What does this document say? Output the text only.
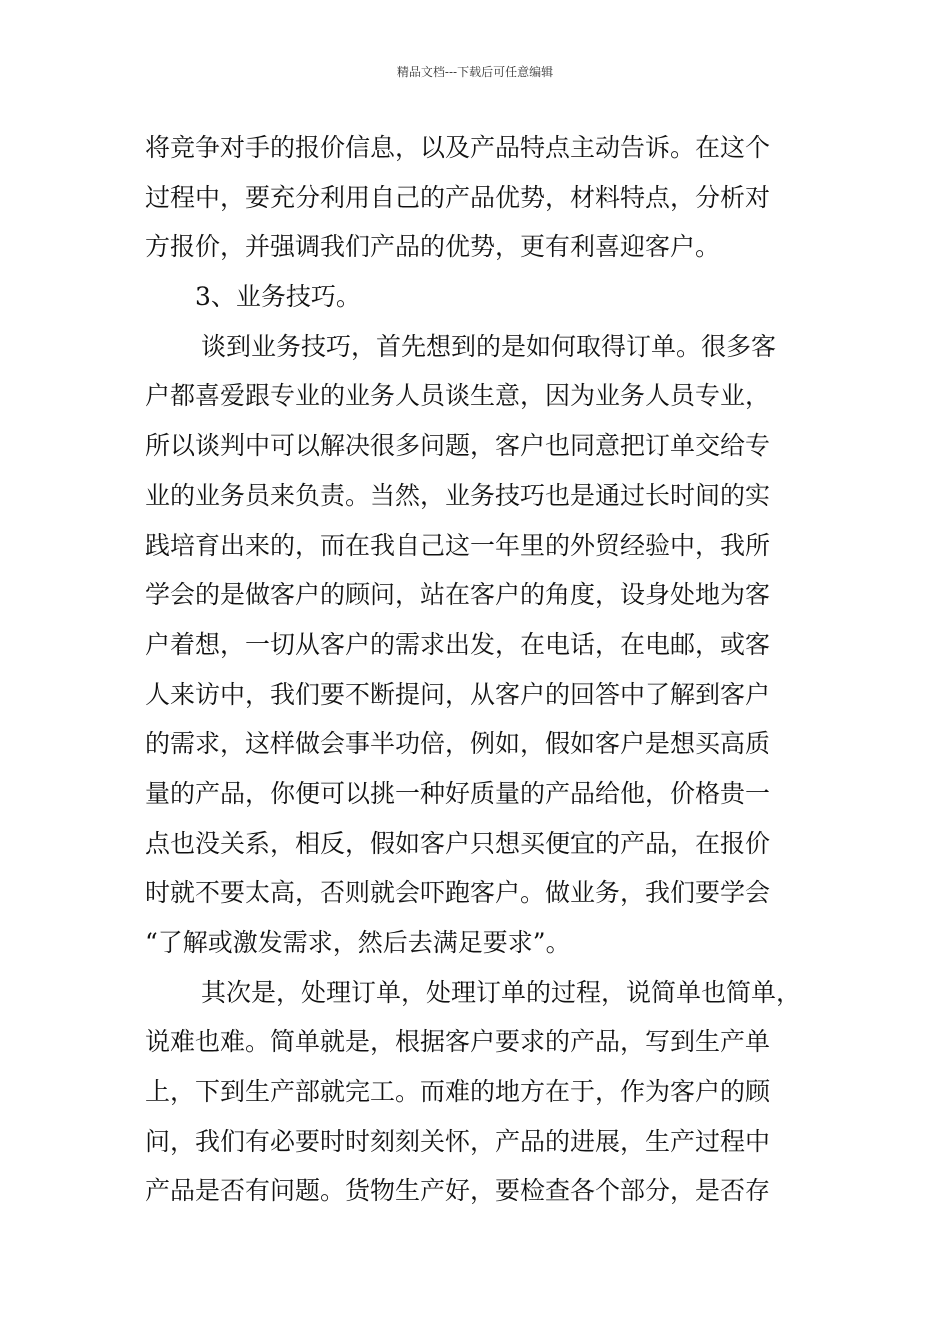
精品文档---下载后可任意编辑
将竞争对手的报价信息，以及产品特点主动告诉。在这个
过程中，要充分利用自己的产品优势，材料特点，分析对
方报价，并强调我们产品的优势，更有利喜迎客户。
3、业务技巧。
谈到业务技巧，首先想到的是如何取得订单。很多客
户都喜爱跟专业的业务人员谈生意，因为业务人员专业，
所以谈判中可以解决很多问题，客户也同意把订单交给专
业的业务员来负责。当然，业务技巧也是通过长时间的实
践培育出来的，而在我自己这一年里的外贸经验中，我所
学会的是做客户的顾问，站在客户的角度，设身处地为客
户着想，一切从客户的需求出发，在电话，在电邮，或客
人来访中，我们要不断提问，从客户的回答中了解到客户
的需求，这样做会事半功倍，例如，假如客户是想买高质
量的产品，你便可以挑一种好质量的产品给他，价格贵一
点也没关系，相反，假如客户只想买便宜的产品，在报价
时就不要太高，否则就会吓跑客户。做业务，我们要学会
“了解或激发需求，然后去满足要求”。
其次是，处理订单，处理订单的过程，说简单也简单，
说难也难。简单就是，根据客户要求的产品，写到生产单
上，下到生产部就完工。而难的地方在于，作为客户的顾
问，我们有必要时时刻刻关怀，产品的进展，生产过程中
产品是否有问题。货物生产好，要检查各个部分，是否存
